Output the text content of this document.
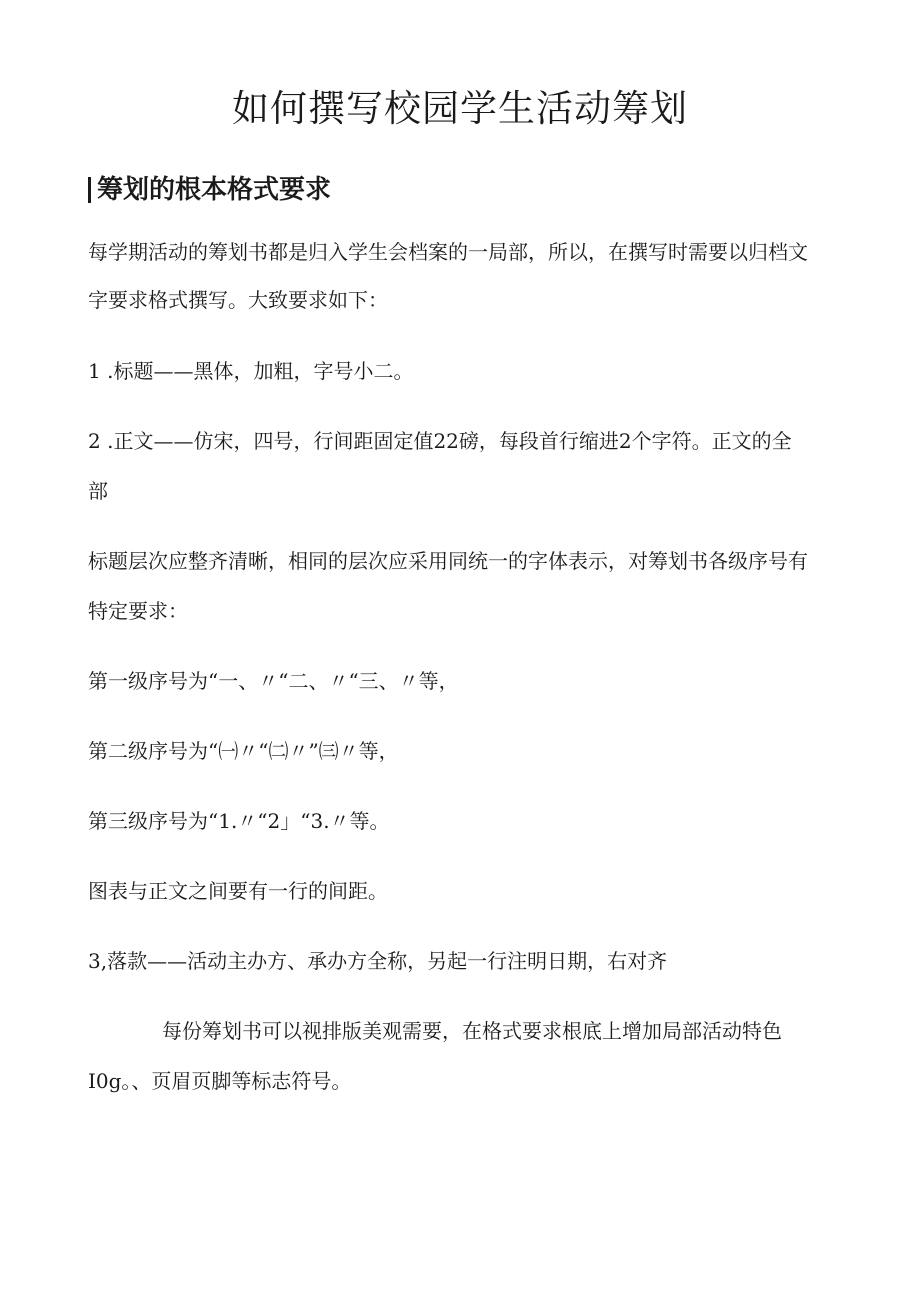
如何撰写校园学生活动筹划
筹划的根本格式要求

每学期活动的筹划书都是归入学生会档案的一局部，所以，在撰写时需要以归档文

字要求格式撰写。大致要求如下：

1 .标题——黑体，加粗，字号小二。

2 .正文——仿宋，四号，行间距固定值22磅，每段首行缩进2个字符。正文的全

部

标题层次应整齐清晰，相同的层次应采用同统一的字体表示，对筹划书各级序号有

特定要求：

第一级序号为“一、〃“二、〃“三、〃等，

第二级序号为“㈠〃“㈡〃”㈢〃等，

第三级序号为“1.〃“2」“3.〃等。

图表与正文之间要有一行的间距。

3,落款——活动主办方、承办方全称，另起一行注明日期，右对齐

每份筹划书可以视排版美观需要，在格式要求根底上增加局部活动特色

I0g。、页眉页脚等标志符号。
